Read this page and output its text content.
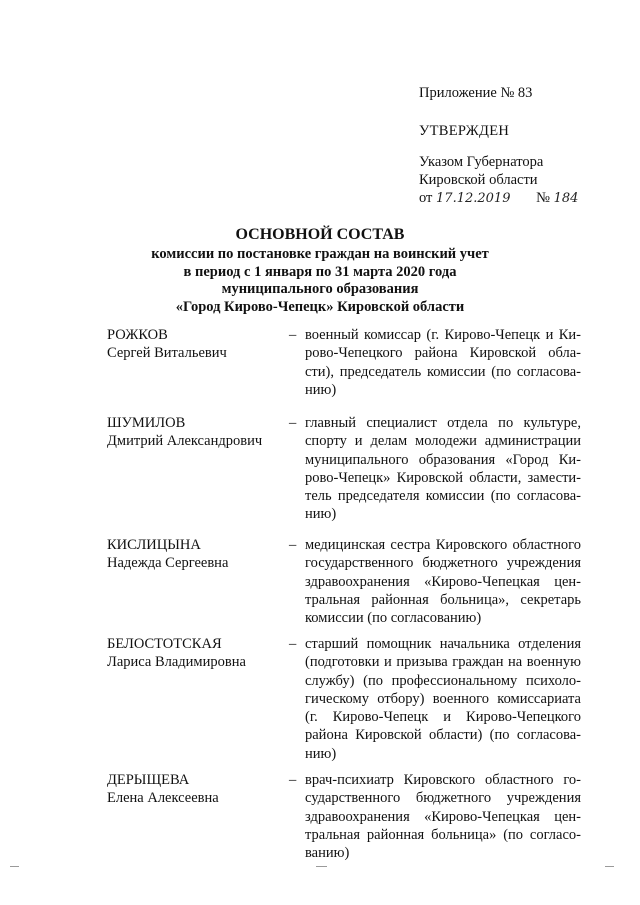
Приложение № 83
УТВЕРЖДЕН
Указом Губернатора
Кировской области
от 17.12.2019 № 184
ОСНОВНОЙ СОСТАВ
комиссии по постановке граждан на воинский учет
в период с 1 января по 31 марта 2020 года
муниципального образования
«Город Кирово-Чепецк» Кировской области
РОЖКОВ
Сергей Витальевич
– военный комиссар (г. Кирово-Чепецк и Ки-
рово-Чепецкого района Кировской обла-
сти), председатель комиссии (по согласова-
нию)
ШУМИЛОВ
Дмитрий Александрович
– главный специалист отдела по культуре,
спорту и делам молодежи администрации
муниципального образования «Город Ки-
рово-Чепецк» Кировской области, замести-
тель председателя комиссии (по согласова-
нию)
КИСЛИЦЫНА
Надежда Сергеевна
– медицинская сестра Кировского областного
государственного бюджетного учреждения
здравоохранения «Кирово-Чепецкая цен-
тральная районная больница», секретарь
комиссии (по согласованию)
БЕЛОСТОТСКАЯ
Лариса Владимировна
– старший помощник начальника отделения
(подготовки и призыва граждан на военную
службу) (по профессиональному психоло-
гическому отбору) военного комиссариата
(г. Кирово-Чепецк и Кирово-Чепецкого
района Кировской области) (по согласова-
нию)
ДЕРЫЩЕВА
Елена Алексеевна
– врач-психиатр Кировского областного го-
сударственного бюджетного учреждения
здравоохранения «Кирово-Чепецкая цен-
тральная районная больница» (по согласо-
ванию)
